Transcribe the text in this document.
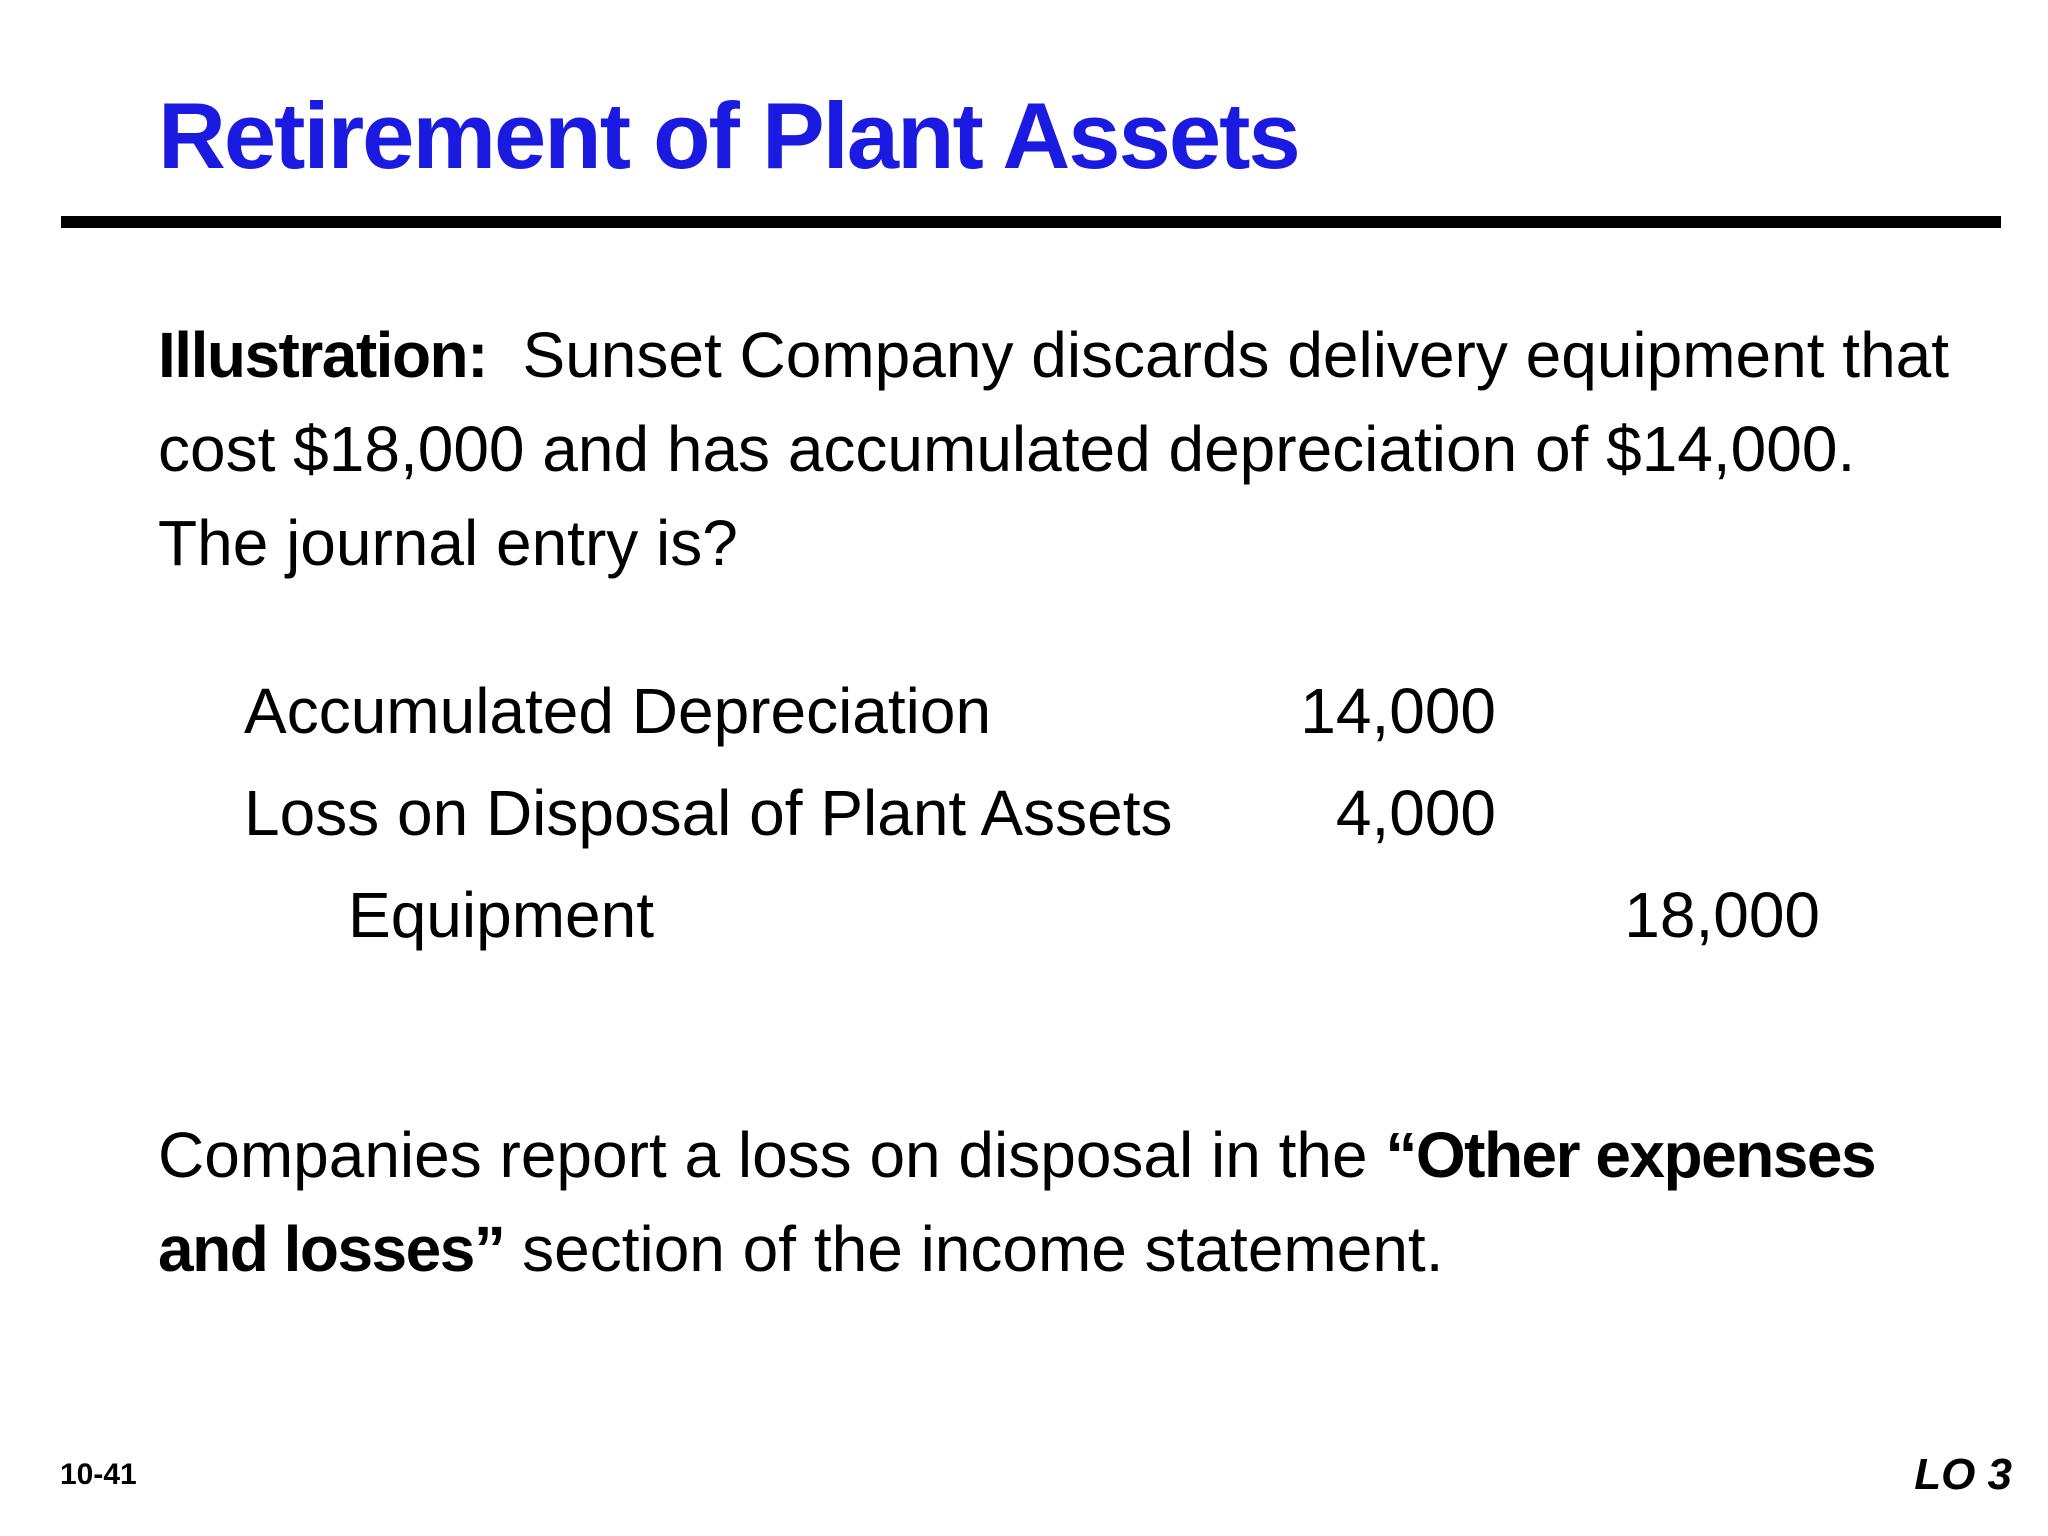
Retirement of Plant Assets

Illustration: Sunset Company discards delivery equipment that cost $18,000 and has accumulated depreciation of $14,000. The journal entry is?

Accumulated Depreciation	14,000
Loss on Disposal of Plant Assets	4,000
Equipment	18,000

Companies report a loss on disposal in the “Other expenses and losses” section of the income statement.

10-41	LO 3
